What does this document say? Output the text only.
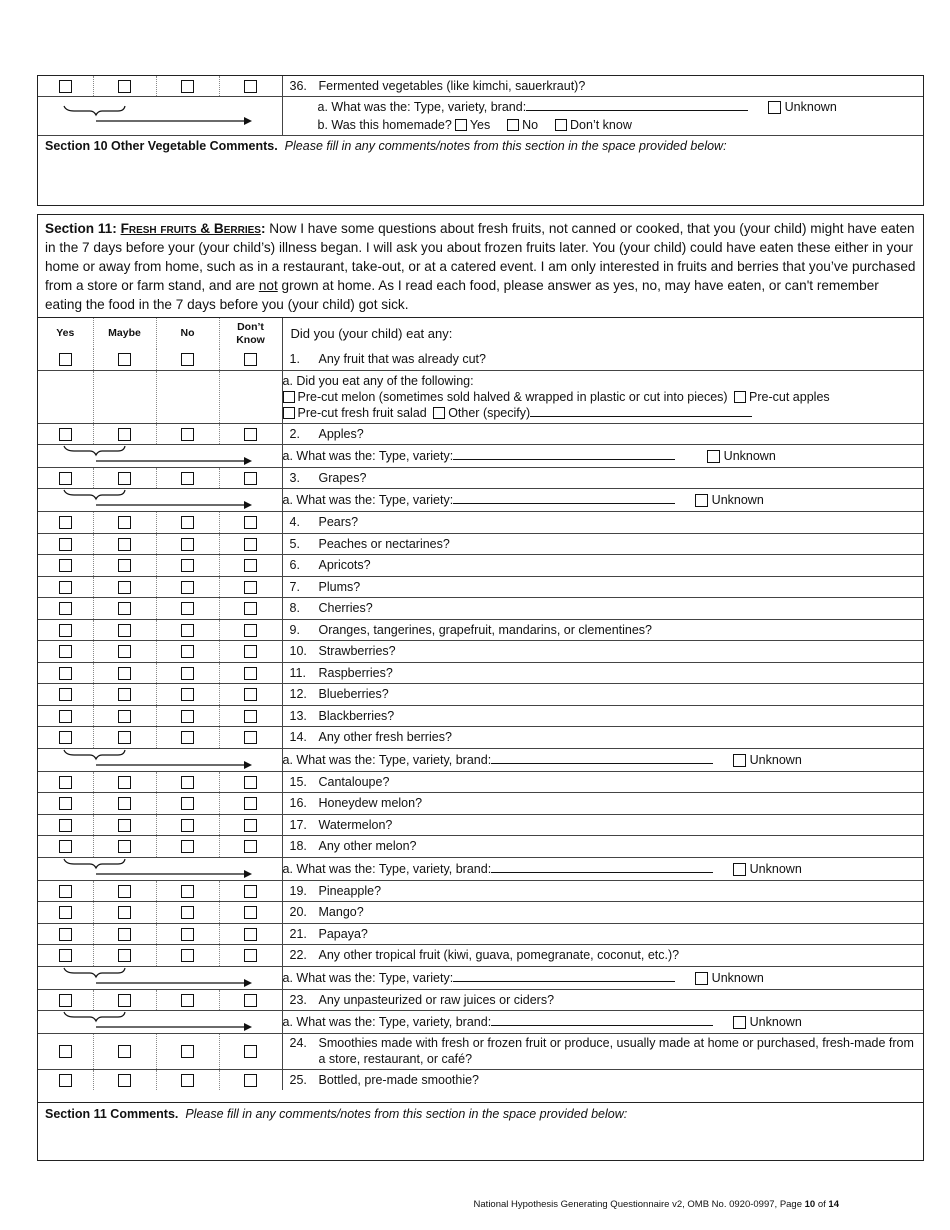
				36. Fermented vegetables (like kimchi, sauerkraut)?

a. What was the: Type, variety, brand: Unknown
b. Was this homemade? Yes No Don’t know

Section 10 Other Vegetable Comments. Please fill in any comments/notes from this section in the space provided below:				
Section 11: Fresh fruits & Berries: Now I have some questions about fresh fruits, not canned or cooked, that you (your child) might have eaten in the 7 days before your (your child’s) illness began. I will ask you about frozen fruits later. You (your child) could have eaten these either in your home or away from home, such as in a restaurant, take-out, or at a catered event. I am only interested in fruits and berries that you’ve purchased from a store or farm stand, and are not grown at home. As I read each food, please answer as yes, no, may have eaten, or can't remember eating the food in the 7 days before you (your child) got sick.
Yes	Maybe	No	Don’t Know	Did you (your child) eat any:
				1. Any fruit that was already cut?

				a. Did you eat any of the following:
Pre-cut melon (sometimes sold halved & wrapped in plastic or cut into pieces) Pre-cut apples
Pre-cut fresh fruit salad Other (specify)

				2. Apples?

	a. What was the: Type, variety: Unknown

				3. Grapes?

	a. What was the: Type, variety: Unknown

				4. Pears?

				5. Peaches or nectarines?

				6. Apricots?

				7. Plums?

				8. Cherries?

				9. Oranges, tangerines, grapefruit, mandarins, or clementines?

				10. Strawberries?

				11. Raspberries?

				12. Blueberries?

				13. Blackberries?

				14. Any other fresh berries?

	a. What was the: Type, variety, brand: Unknown

				15. Cantaloupe?

				16. Honeydew melon?

				17. Watermelon?

				18. Any other melon?

	a. What was the: Type, variety, brand: Unknown

				19. Pineapple?

				20. Mango?

				21. Papaya?

				22. Any other tropical fruit (kiwi, guava, pomegranate, coconut, etc.)?

	a. What was the: Type, variety: Unknown

				23. Any unpasteurized or raw juices or ciders?

	a. What was the: Type, variety, brand: Unknown

				24. Smoothies made with fresh or frozen fruit or produce, usually made at home or purchased, fresh-made from a store, restaurant, or café?

				25. Bottled, pre-made smoothie?
Section 11 Comments. Please fill in any comments/notes from this section in the space provided below:
National Hypothesis Generating Questionnaire v2, OMB No. 0920-0997, Page 10 of 14
